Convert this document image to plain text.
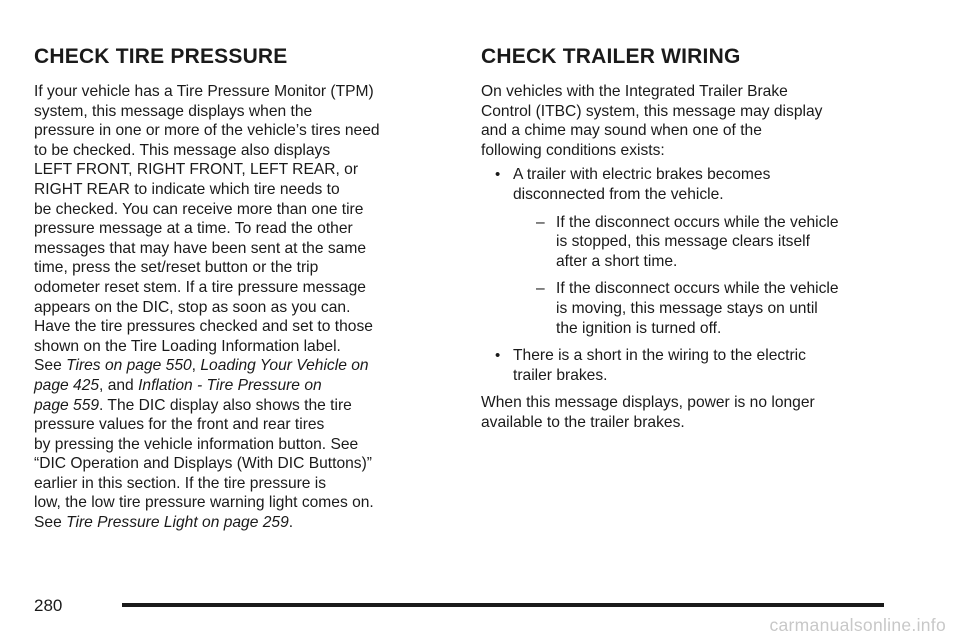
CHECK TIRE PRESSURE
If your vehicle has a Tire Pressure Monitor (TPM)
system, this message displays when the
pressure in one or more of the vehicle’s tires need
to be checked. This message also displays
LEFT FRONT, RIGHT FRONT, LEFT REAR, or
RIGHT REAR to indicate which tire needs to
be checked. You can receive more than one tire
pressure message at a time. To read the other
messages that may have been sent at the same
time, press the set/reset button or the trip
odometer reset stem. If a tire pressure message
appears on the DIC, stop as soon as you can.
Have the tire pressures checked and set to those
shown on the Tire Loading Information label.
See Tires on page 550, Loading Your Vehicle on
page 425, and Inflation - Tire Pressure on
page 559. The DIC display also shows the tire
pressure values for the front and rear tires
by pressing the vehicle information button. See
“DIC Operation and Displays (With DIC Buttons)”
earlier in this section. If the tire pressure is
low, the low tire pressure warning light comes on.
See Tire Pressure Light on page 259.
CHECK TRAILER WIRING
On vehicles with the Integrated Trailer Brake
Control (ITBC) system, this message may display
and a chime may sound when one of the
following conditions exists:
• A trailer with electric brakes becomes
disconnected from the vehicle.
– If the disconnect occurs while the vehicle
is stopped, this message clears itself
after a short time.
– If the disconnect occurs while the vehicle
is moving, this message stays on until
the ignition is turned off.
• There is a short in the wiring to the electric
trailer brakes.
When this message displays, power is no longer
available to the trailer brakes.
280
carmanualsonline.info
